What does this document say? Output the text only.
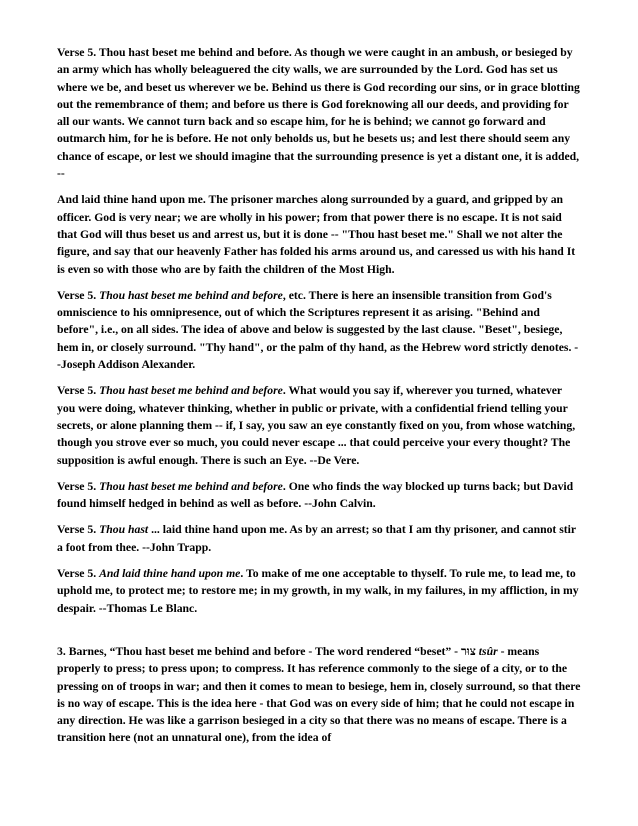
Verse 5. Thou hast beset me behind and before. As though we were caught in an ambush, or besieged by an army which has wholly beleaguered the city walls, we are surrounded by the Lord. God has set us where we be, and beset us wherever we be. Behind us there is God recording our sins, or in grace blotting out the remembrance of them; and before us there is God foreknowing all our deeds, and providing for all our wants. We cannot turn back and so escape him, for he is behind; we cannot go forward and outmarch him, for he is before. He not only beholds us, but he besets us; and lest there should seem any chance of escape, or lest we should imagine that the surrounding presence is yet a distant one, it is added, --

And laid thine hand upon me. The prisoner marches along surrounded by a guard, and gripped by an officer. God is very near; we are wholly in his power; from that power there is no escape. It is not said that God will thus beset us and arrest us, but it is done -- "Thou hast beset me." Shall we not alter the figure, and say that our heavenly Father has folded his arms around us, and caressed us with his hand It is even so with those who are by faith the children of the Most High.

Verse 5. Thou hast beset me behind and before, etc. There is here an insensible transition from God's omniscience to his omnipresence, out of which the Scriptures represent it as arising. "Behind and before", i.e., on all sides. The idea of above and below is suggested by the last clause. "Beset", besiege, hem in, or closely surround. "Thy hand", or the palm of thy hand, as the Hebrew word strictly denotes. --Joseph Addison Alexander.

Verse 5. Thou hast beset me behind and before. What would you say if, wherever you turned, whatever you were doing, whatever thinking, whether in public or private, with a confidential friend telling your secrets, or alone planning them -- if, I say, you saw an eye constantly fixed on you, from whose watching, though you strove ever so much, you could never escape ... that could perceive your every thought? The supposition is awful enough. There is such an Eye. --De Vere.

Verse 5. Thou hast beset me behind and before. One who finds the way blocked up turns back; but David found himself hedged in behind as well as before. --John Calvin.

Verse 5. Thou hast ... laid thine hand upon me. As by an arrest; so that I am thy prisoner, and cannot stir a foot from thee. --John Trapp.

Verse 5. And laid thine hand upon me. To make of me one acceptable to thyself. To rule me, to lead me, to uphold me, to protect me; to restore me; in my growth, in my walk, in my failures, in my affliction, in my despair. --Thomas Le Blanc.

3. Barnes, “Thou hast beset me behind and before - The word rendered “beset” - צוּר tsûr - means properly to press; to press upon; to compress. It has reference commonly to the siege of a city, or to the pressing on of troops in war; and then it comes to mean to besiege, hem in, closely surround, so that there is no way of escape. This is the idea here - that God was on every side of him; that he could not escape in any direction. He was like a garrison besieged in a city so that there was no means of escape. There is a transition here (not an unnatural one), from the idea of
